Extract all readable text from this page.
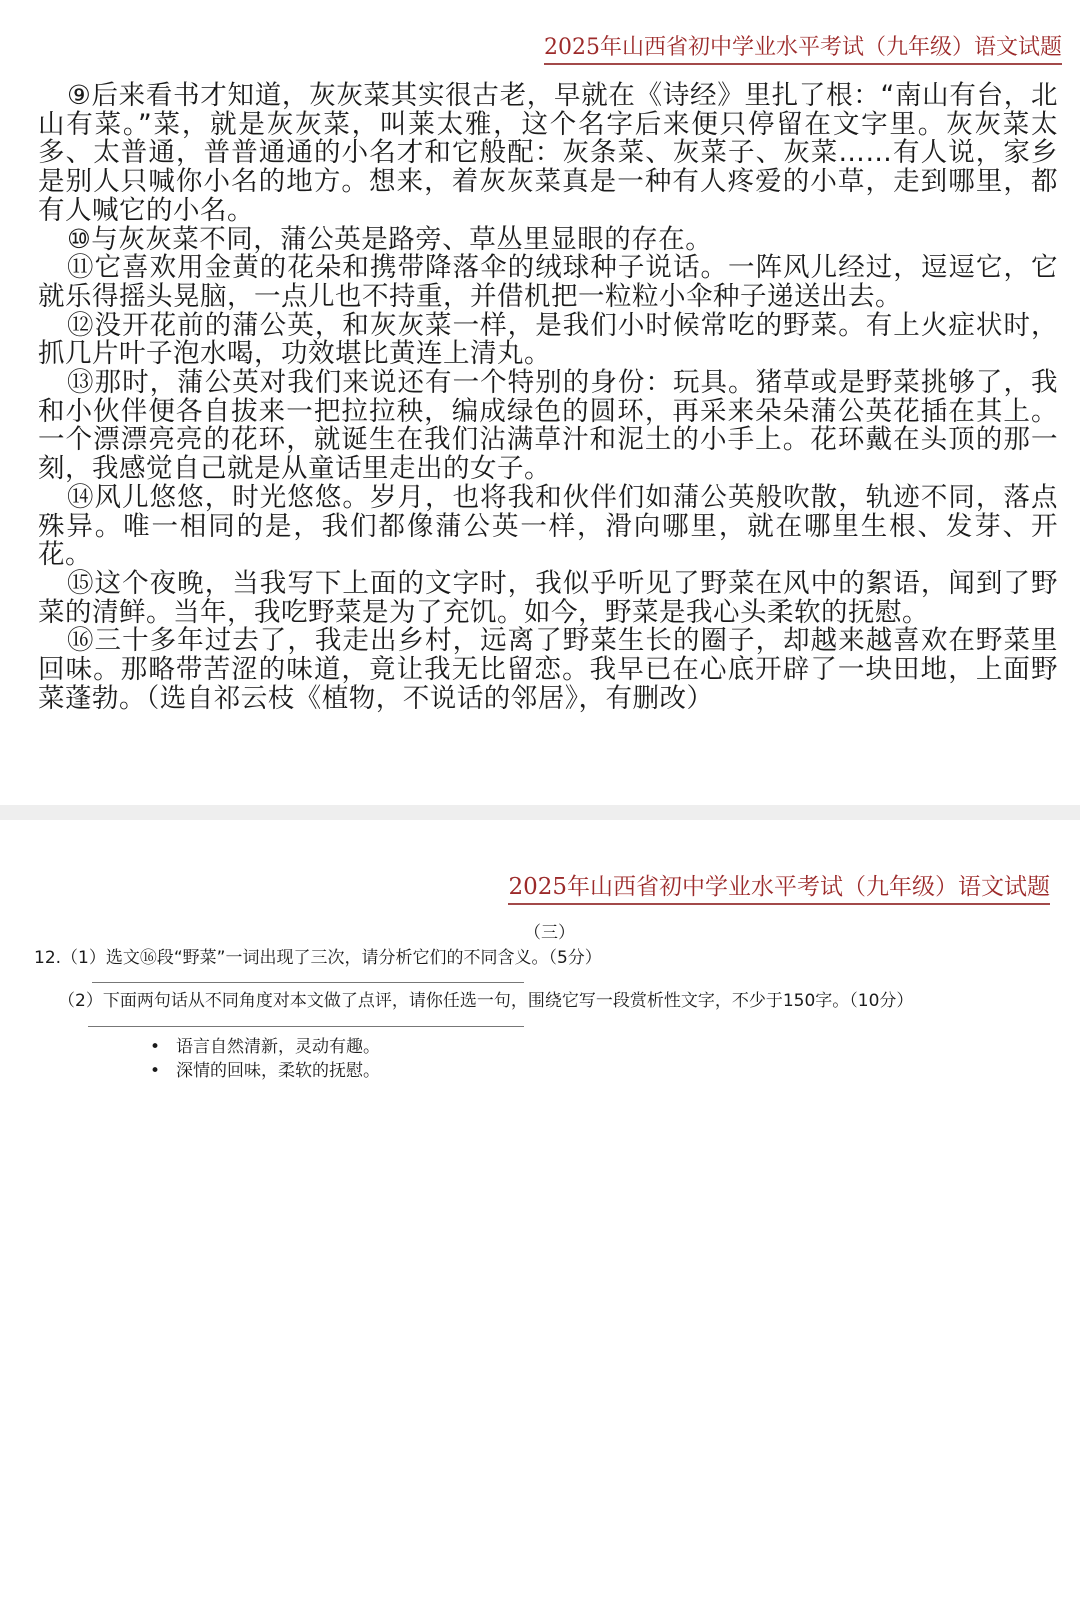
2025年山西省初中学业水平考试（九年级）语文试题

⑨后来看书才知道，灰灰菜其实很古老，早就在《诗经》里扎了根：“南山有台，北山有菜。”菜，就是灰灰菜，叫莱太雅，这个名字后来便只停留在文字里。灰灰菜太多、太普通，普普通通的小名才和它般配：灰条菜、灰菜子、灰菜……有人说，家乡是别人只喊你小名的地方。想来，着灰灰菜真是一种有人疼爱的小草，走到哪里，都有人喊它的小名。

⑩与灰灰菜不同，蒲公英是路旁、草丛里显眼的存在。

⑪它喜欢用金黄的花朵和携带降落伞的绒球种子说话。一阵风儿经过，逗逗它，它就乐得摇头晃脑，一点儿也不持重，并借机把一粒粒小伞种子递送出去。

⑫没开花前的蒲公英，和灰灰菜一样，是我们小时候常吃的野菜。有上火症状时，抓几片叶子泡水喝，功效堪比黄连上清丸。

⑬那时，蒲公英对我们来说还有一个特别的身份：玩具。猪草或是野菜挑够了，我和小伙伴便各自拔来一把拉拉秧，编成绿色的圆环，再采来朵朵蒲公英花插在其上。一个漂漂亮亮的花环，就诞生在我们沾满草汁和泥土的小手上。花环戴在头顶的那一刻，我感觉自己就是从童话里走出的女子。

⑭风儿悠悠，时光悠悠。岁月，也将我和伙伴们如蒲公英般吹散，轨迹不同，落点殊异。唯一相同的是，我们都像蒲公英一样，滑向哪里，就在哪里生根、发芽、开花。

⑮这个夜晚，当我写下上面的文字时，我似乎听见了野菜在风中的絮语，闻到了野菜的清鲜。当年，我吃野菜是为了充饥。如今，野菜是我心头柔软的抚慰。

⑯三十多年过去了，我走出乡村，远离了野菜生长的圈子，却越来越喜欢在野菜里回味。那略带苦涩的味道，竟让我无比留恋。我早已在心底开辟了一块田地，上面野菜蓬勃。（选自祁云枝《植物，不说话的邻居》，有删改）

2025年山西省初中学业水平考试（九年级）语文试题
（三）
12.（1）选文⑯段“野菜”一词出现了三次，请分析它们的不同含义。（5分）
（2）下面两句话从不同角度对本文做了点评，请你任选一句，围绕它写一段赏析性文字，不少于150字。（10分）
• 语言自然清新，灵动有趣。
• 深情的回味，柔软的抚慰。
